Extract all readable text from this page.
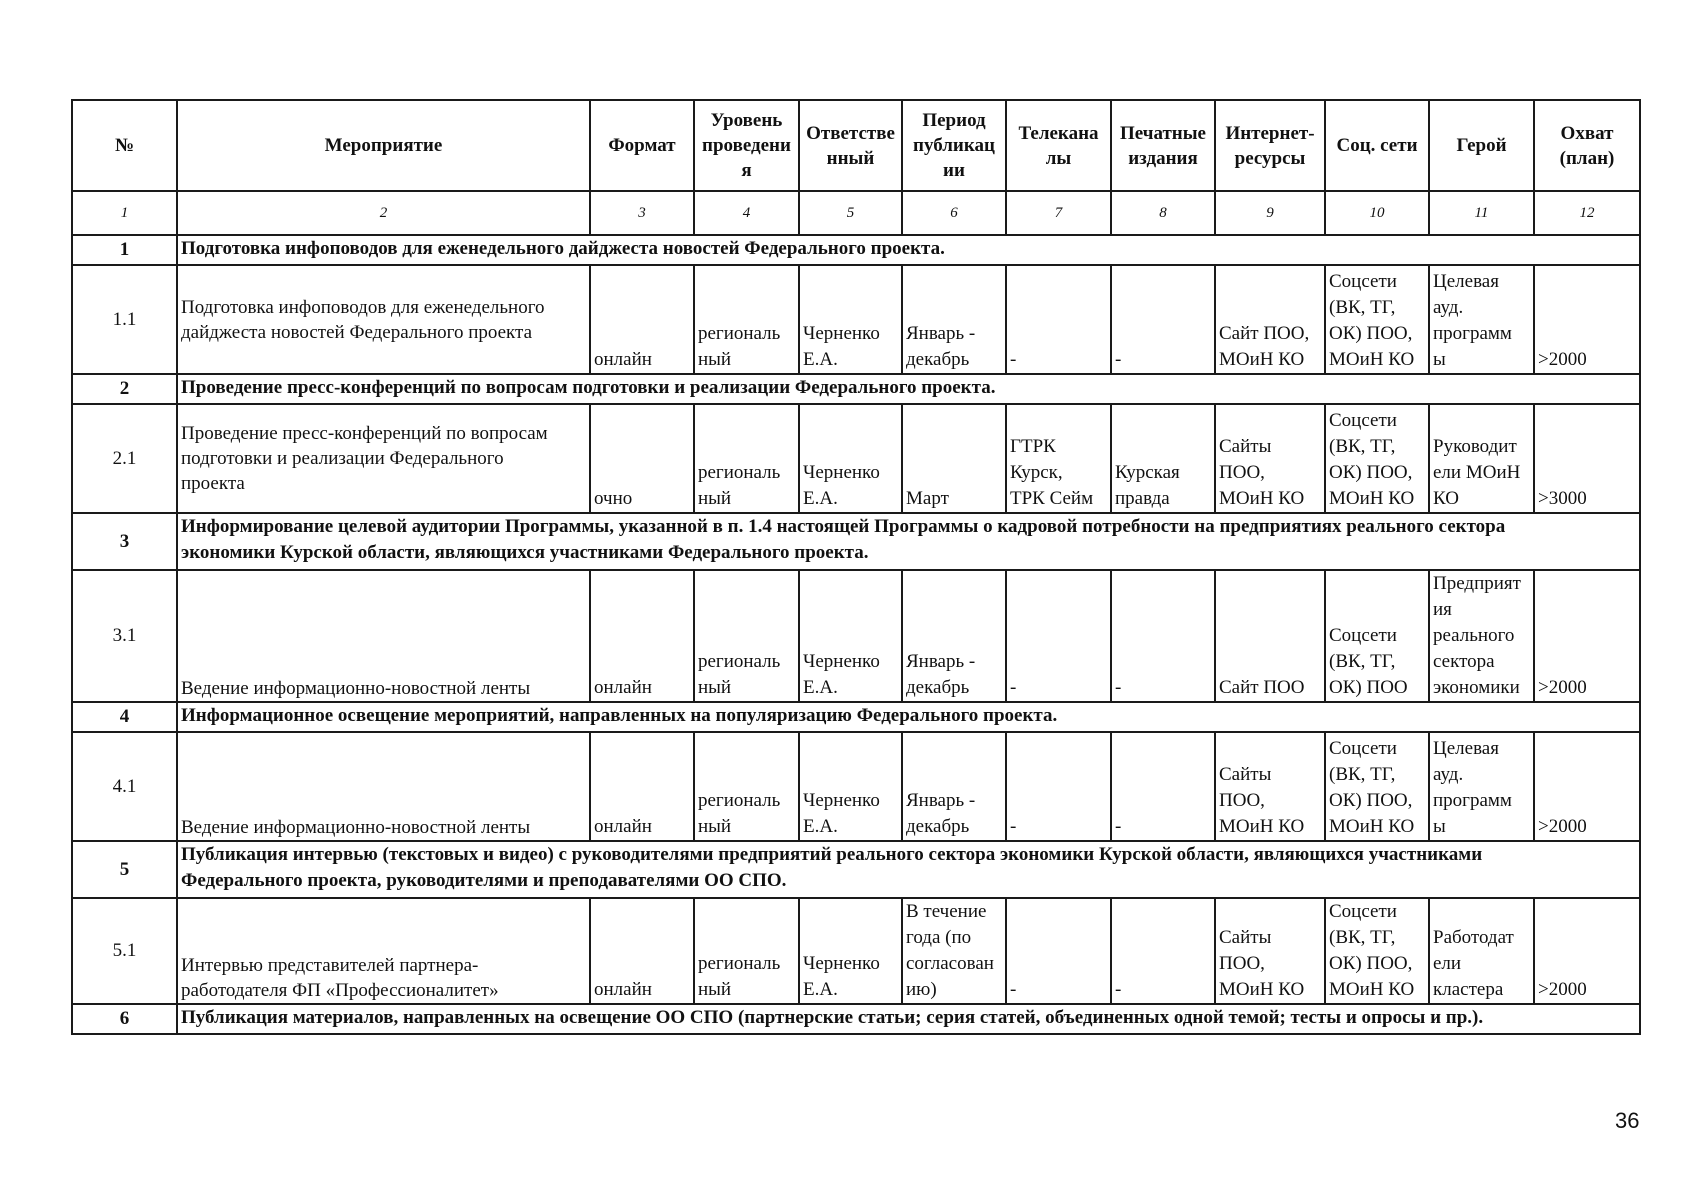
№	Мероприятие	Формат	Уровень
проведени
я	Ответстве
нный	Период
публикац
ии	Телекана
лы	Печатные
издания	Интернет-
ресурсы	Соц. сети	Герой	Охват
(план)
1	2	3	4	5	6	7	8	9	10	11	12
1	Подготовка инфоповодов для еженедельного дайджеста новостей Федерального проекта.										
1.1	Подготовка инфоповодов для еженедельного
дайджеста новостей Федерального проекта	онлайн	региональ
ный	Черненко
Е.А.	Январь -
декабрь	-	-	Сайт ПОО,
МОиН КО	Соцсети
(ВК, ТГ,
ОК) ПОО,
МОиН КО	Целевая
ауд.
программ
ы	>2000
2	Проведение пресс-конференций по вопросам подготовки и реализации Федерального проекта.										
2.1	Проведение пресс-конференций по вопросам
подготовки и реализации Федерального
проекта	очно	региональ
ный	Черненко
Е.А.	Март	ГТРК
Курск,
ТРК Сейм	Курская
правда	Сайты
ПОО,
МОиН КО	Соцсети
(ВК, ТГ,
ОК) ПОО,
МОиН КО	Руководит
ели МОиН
КО	>3000
3	Информирование целевой аудитории Программы, указанной в п. 1.4 настоящей Программы о кадровой потребности на предприятиях реального сектора
экономики Курской области, являющихся участниками Федерального проекта.										
3.1	Ведение информационно-новостной ленты	онлайн	региональ
ный	Черненко
Е.А.	Январь -
декабрь	-	-	Сайт ПОО	Соцсети
(ВК, ТГ,
ОК) ПОО	Предприят
ия
реального
сектора
экономики	>2000
4	Информационное освещение мероприятий, направленных на популяризацию Федерального проекта.										
4.1	Ведение информационно-новостной ленты	онлайн	региональ
ный	Черненко
Е.А.	Январь -
декабрь	-	-	Сайты
ПОО,
МОиН КО	Соцсети
(ВК, ТГ,
ОК) ПОО,
МОиН КО	Целевая
ауд.
программ
ы	>2000
5	Публикация интервью (текстовых и видео) с руководителями предприятий реального сектора экономики Курской области, являющихся участниками
Федерального проекта, руководителями и преподавателями ОО СПО.										
5.1	Интервью представителей партнера-
работодателя ФП «Профессионалитет»	онлайн	региональ
ный	Черненко
Е.А.	В течение
года (по
согласован
ию)	-	-	Сайты
ПОО,
МОиН КО	Соцсети
(ВК, ТГ,
ОК) ПОО,
МОиН КО	Работодат
ели
кластера	>2000
6	Публикация материалов, направленных на освещение ОО СПО (партнерские статьи; серия статей, объединенных одной темой; тесты и опросы и пр.).										
36
